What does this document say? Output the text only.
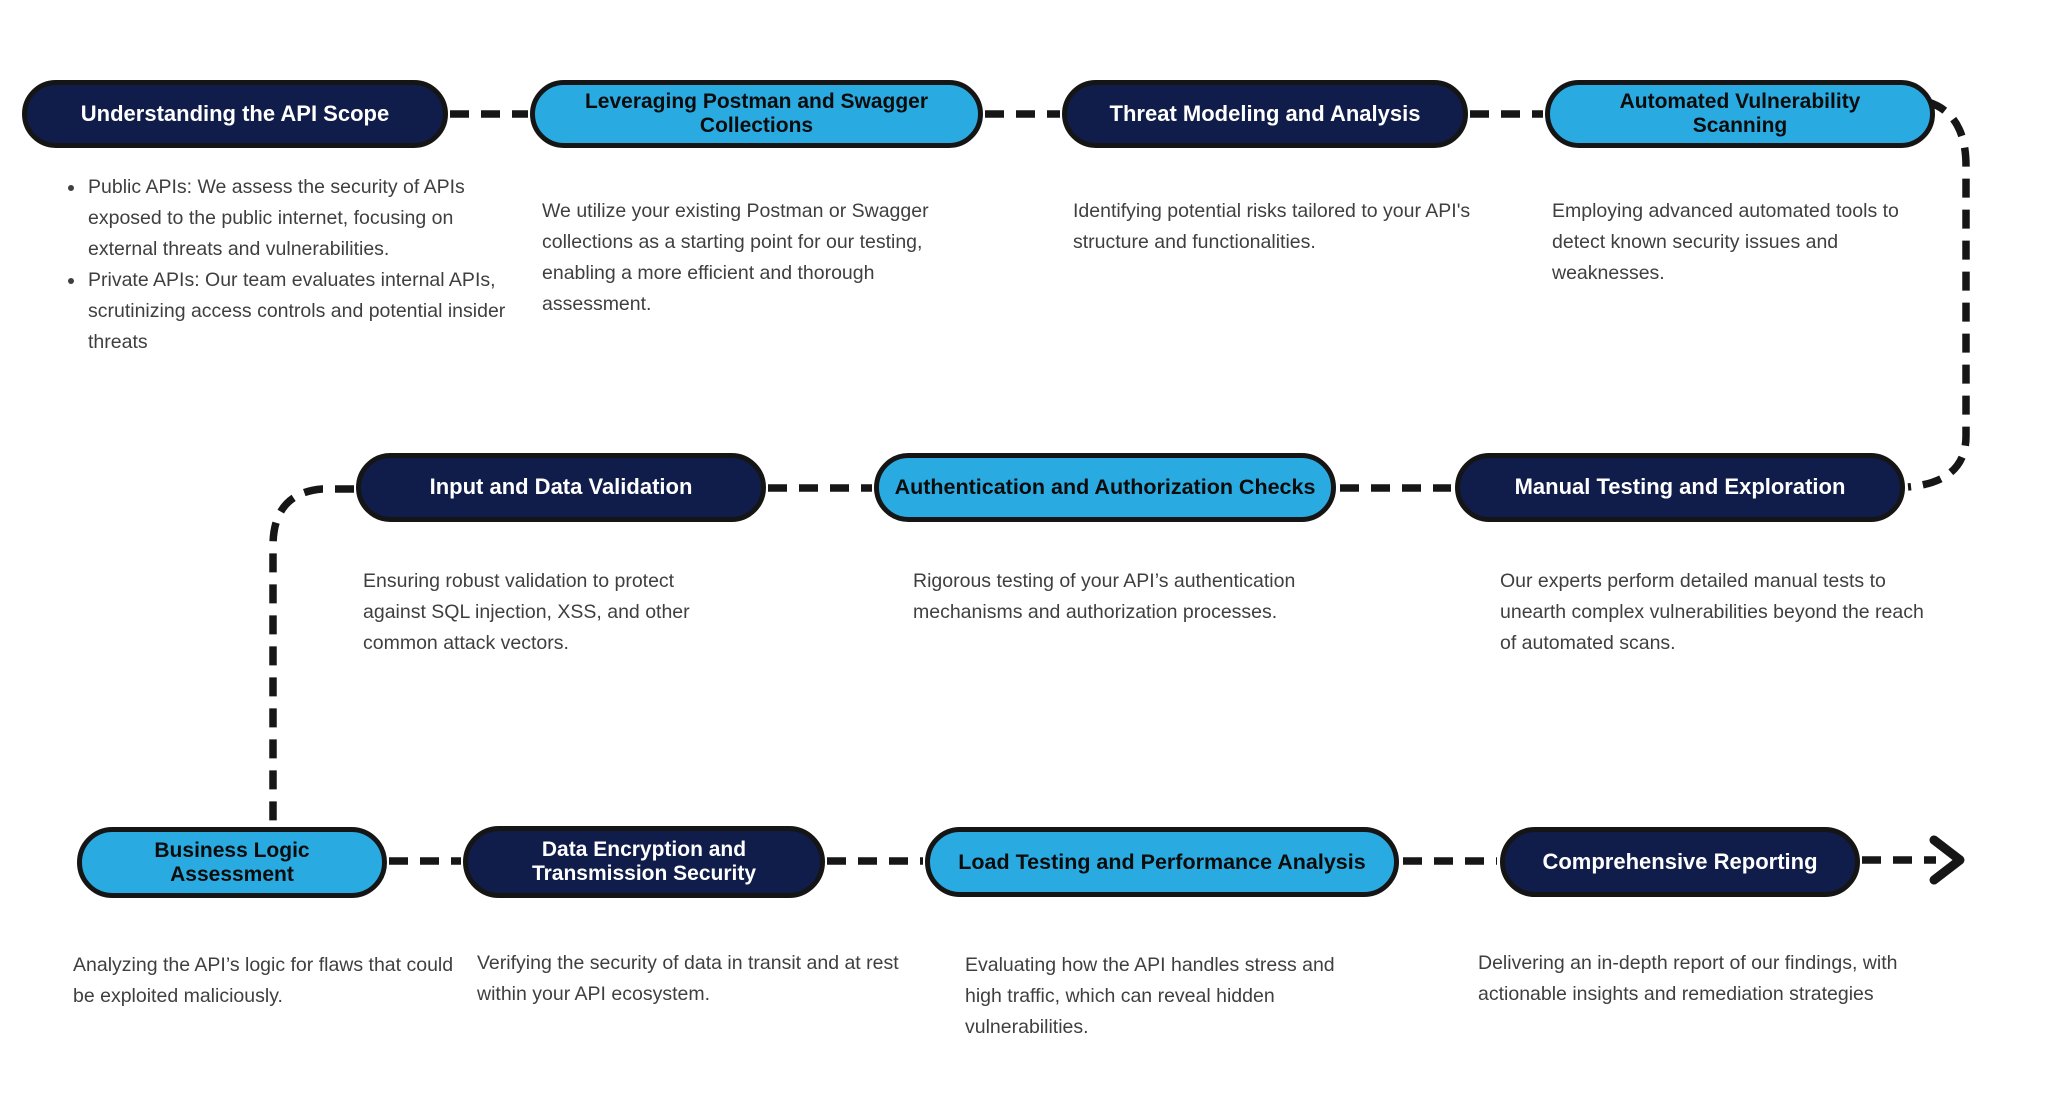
Understanding the API Scope	Leveraging Postman and Swagger Collections	Threat Modeling and Analysis	Automated Vulnerability Scanning
Input and Data Validation	Authentication and Authorization Checks	Manual Testing and Exploration
Business Logic Assessment
Data Encryption and Transmission Security	Load Testing and Performance Analysis	Comprehensive Reporting
• Public APIs: We assess the security of APIs exposed to the public internet, focusing on external threats and vulnerabilities.
• Private APIs: Our team evaluates internal APIs, scrutinizing access controls and potential insider threats

We utilize your existing Postman or Swagger collections as a starting point for our testing, enabling a more efficient and thorough assessment.

Identifying potential risks tailored to your API's structure and functionalities.

Employing advanced automated tools to detect known security issues and weaknesses.

Ensuring robust validation to protect against SQL injection, XSS, and other common attack vectors.

Rigorous testing of your API’s authentication mechanisms and authorization processes.

Our experts perform detailed manual tests to unearth complex vulnerabilities beyond the reach of automated scans.

Analyzing the API’s logic for flaws that could be exploited maliciously.

Verifying the security of data in transit and at rest within your API ecosystem.

Evaluating how the API handles stress and high traffic, which can reveal hidden vulnerabilities.

Delivering an in-depth report of our findings, with actionable insights and remediation strategies
